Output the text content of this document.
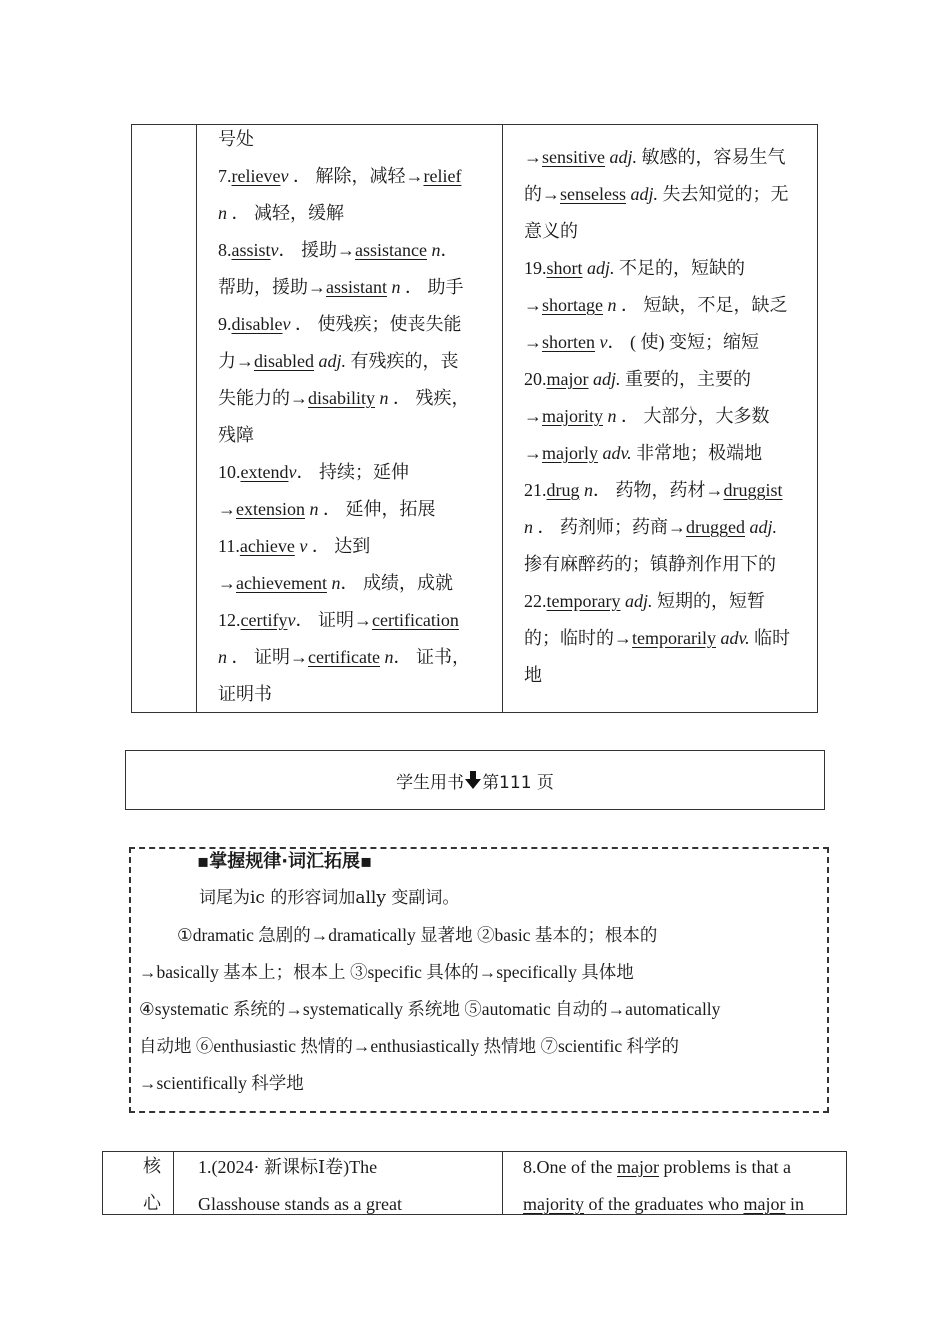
号处
7.relievev ． 解除，减轻→relief
n ． 减轻，缓解
8.assistv． 援助→assistance n．
帮助，援助→assistant n ． 助手
9.disablev ． 使残疾；使丧失能
力→disabled adj. 有残疾的，丧
失能力的→disability n ． 残疾，
残障
10.extendv． 持续；延伸
→extension n ． 延伸，拓展
11.achieve v ． 达到
→achievement n． 成绩，成就
12.certifyv． 证明→certification
n ． 证明→certificate n． 证书，
证明书
→sensitive adj. 敏感的，容易生气
的→senseless adj. 失去知觉的；无
意义的
19.short adj. 不足的，短缺的
→shortage n ． 短缺，不足，缺乏
→shorten v． ( 使) 变短；缩短
20.major adj. 重要的，主要的
→majority n ． 大部分，大多数
→majorly adv. 非常地；极端地
21.drug n． 药物，药材→druggist
n ． 药剂师；药商→drugged adj.
掺有麻醉药的；镇静剂作用下的
22.temporary adj. 短期的，短暂
的；临时的→temporarily adv. 临时
地
学生用书 第111 页
▪掌握规律·词汇拓展▪
词尾为ic 的形容词加ally 变副词。
①dramatic 急剧的→dramatically 显著地 ②basic 基本的；根本的
→basically 基本上；根本上 ③specific 具体的→specifically 具体地
④systematic 系统的→systematically 系统地 ⑤automatic 自动的→automatically
自动地 ⑥enthusiastic 热情的→enthusiastically 热情地 ⑦scientific 科学的
→scientifically 科学地
核
心
1.(2024· 新课标Ⅰ卷)The
Glasshouse stands as a great
8.One of the major problems is that a
majority of the graduates who major in
